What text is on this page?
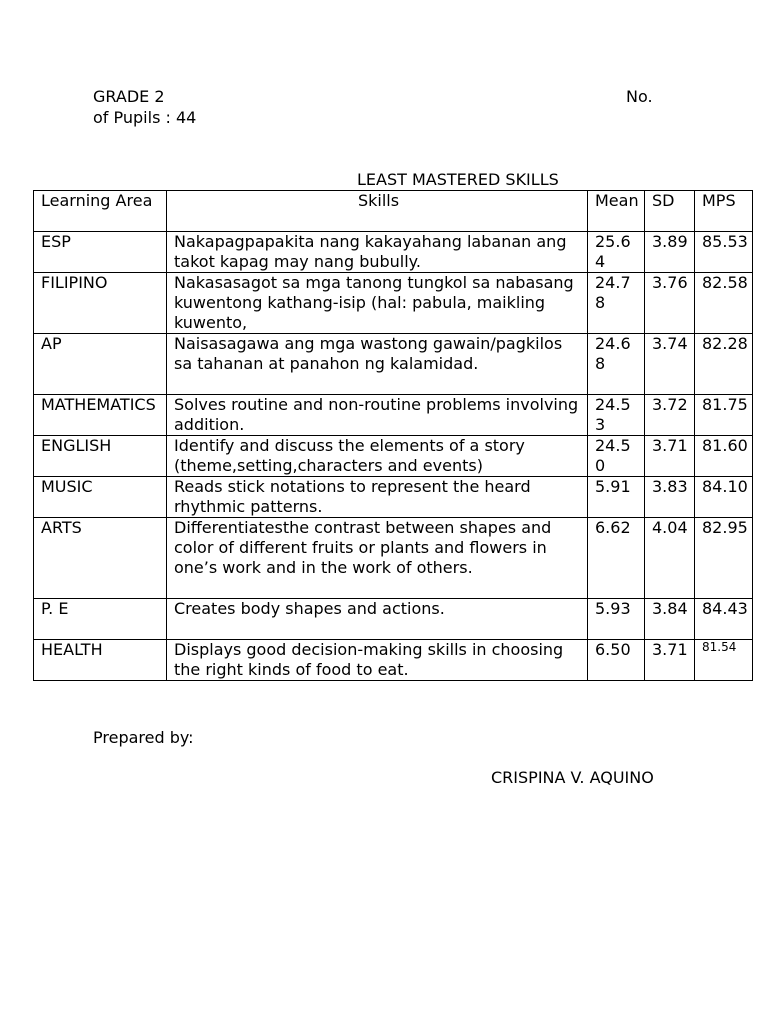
GRADE 2	No.
of Pupils : 44
LEAST MASTERED SKILLS
Learning Area	Skills	Mean	SD	MPS
ESP	Nakapagpapakita nang kakayahang labanan ang takot kapag may nang bubully.	25.64	3.89	85.53
FILIPINO	Nakasasagot sa mga tanong tungkol sa nabasang kuwentong kathang-isip (hal: pabula, maikling kuwento,	24.78	3.76	82.58
AP	Naisasagawa ang mga wastong gawain/pagkilos sa tahanan at panahon ng kalamidad.	24.68	3.74	82.28
MATHEMATICS	Solves routine and non-routine problems involving addition.	24.53	3.72	81.75
ENGLISH	Identify and discuss the elements of a story (theme,setting,characters and events)	24.50	3.71	81.60
MUSIC	Reads stick notations to represent the heard rhythmic patterns.	5.91	3.83	84.10
ARTS	Differentiatesthe contrast between shapes and color of different fruits or plants and flowers in one’s work and in the work of others.	6.62	4.04	82.95
P. E	Creates body shapes and actions.	5.93	3.84	84.43
HEALTH	Displays good decision-making skills in choosing the right kinds of food to eat.	6.50	3.71	81.54
Prepared by:
CRISPINA V. AQUINO
